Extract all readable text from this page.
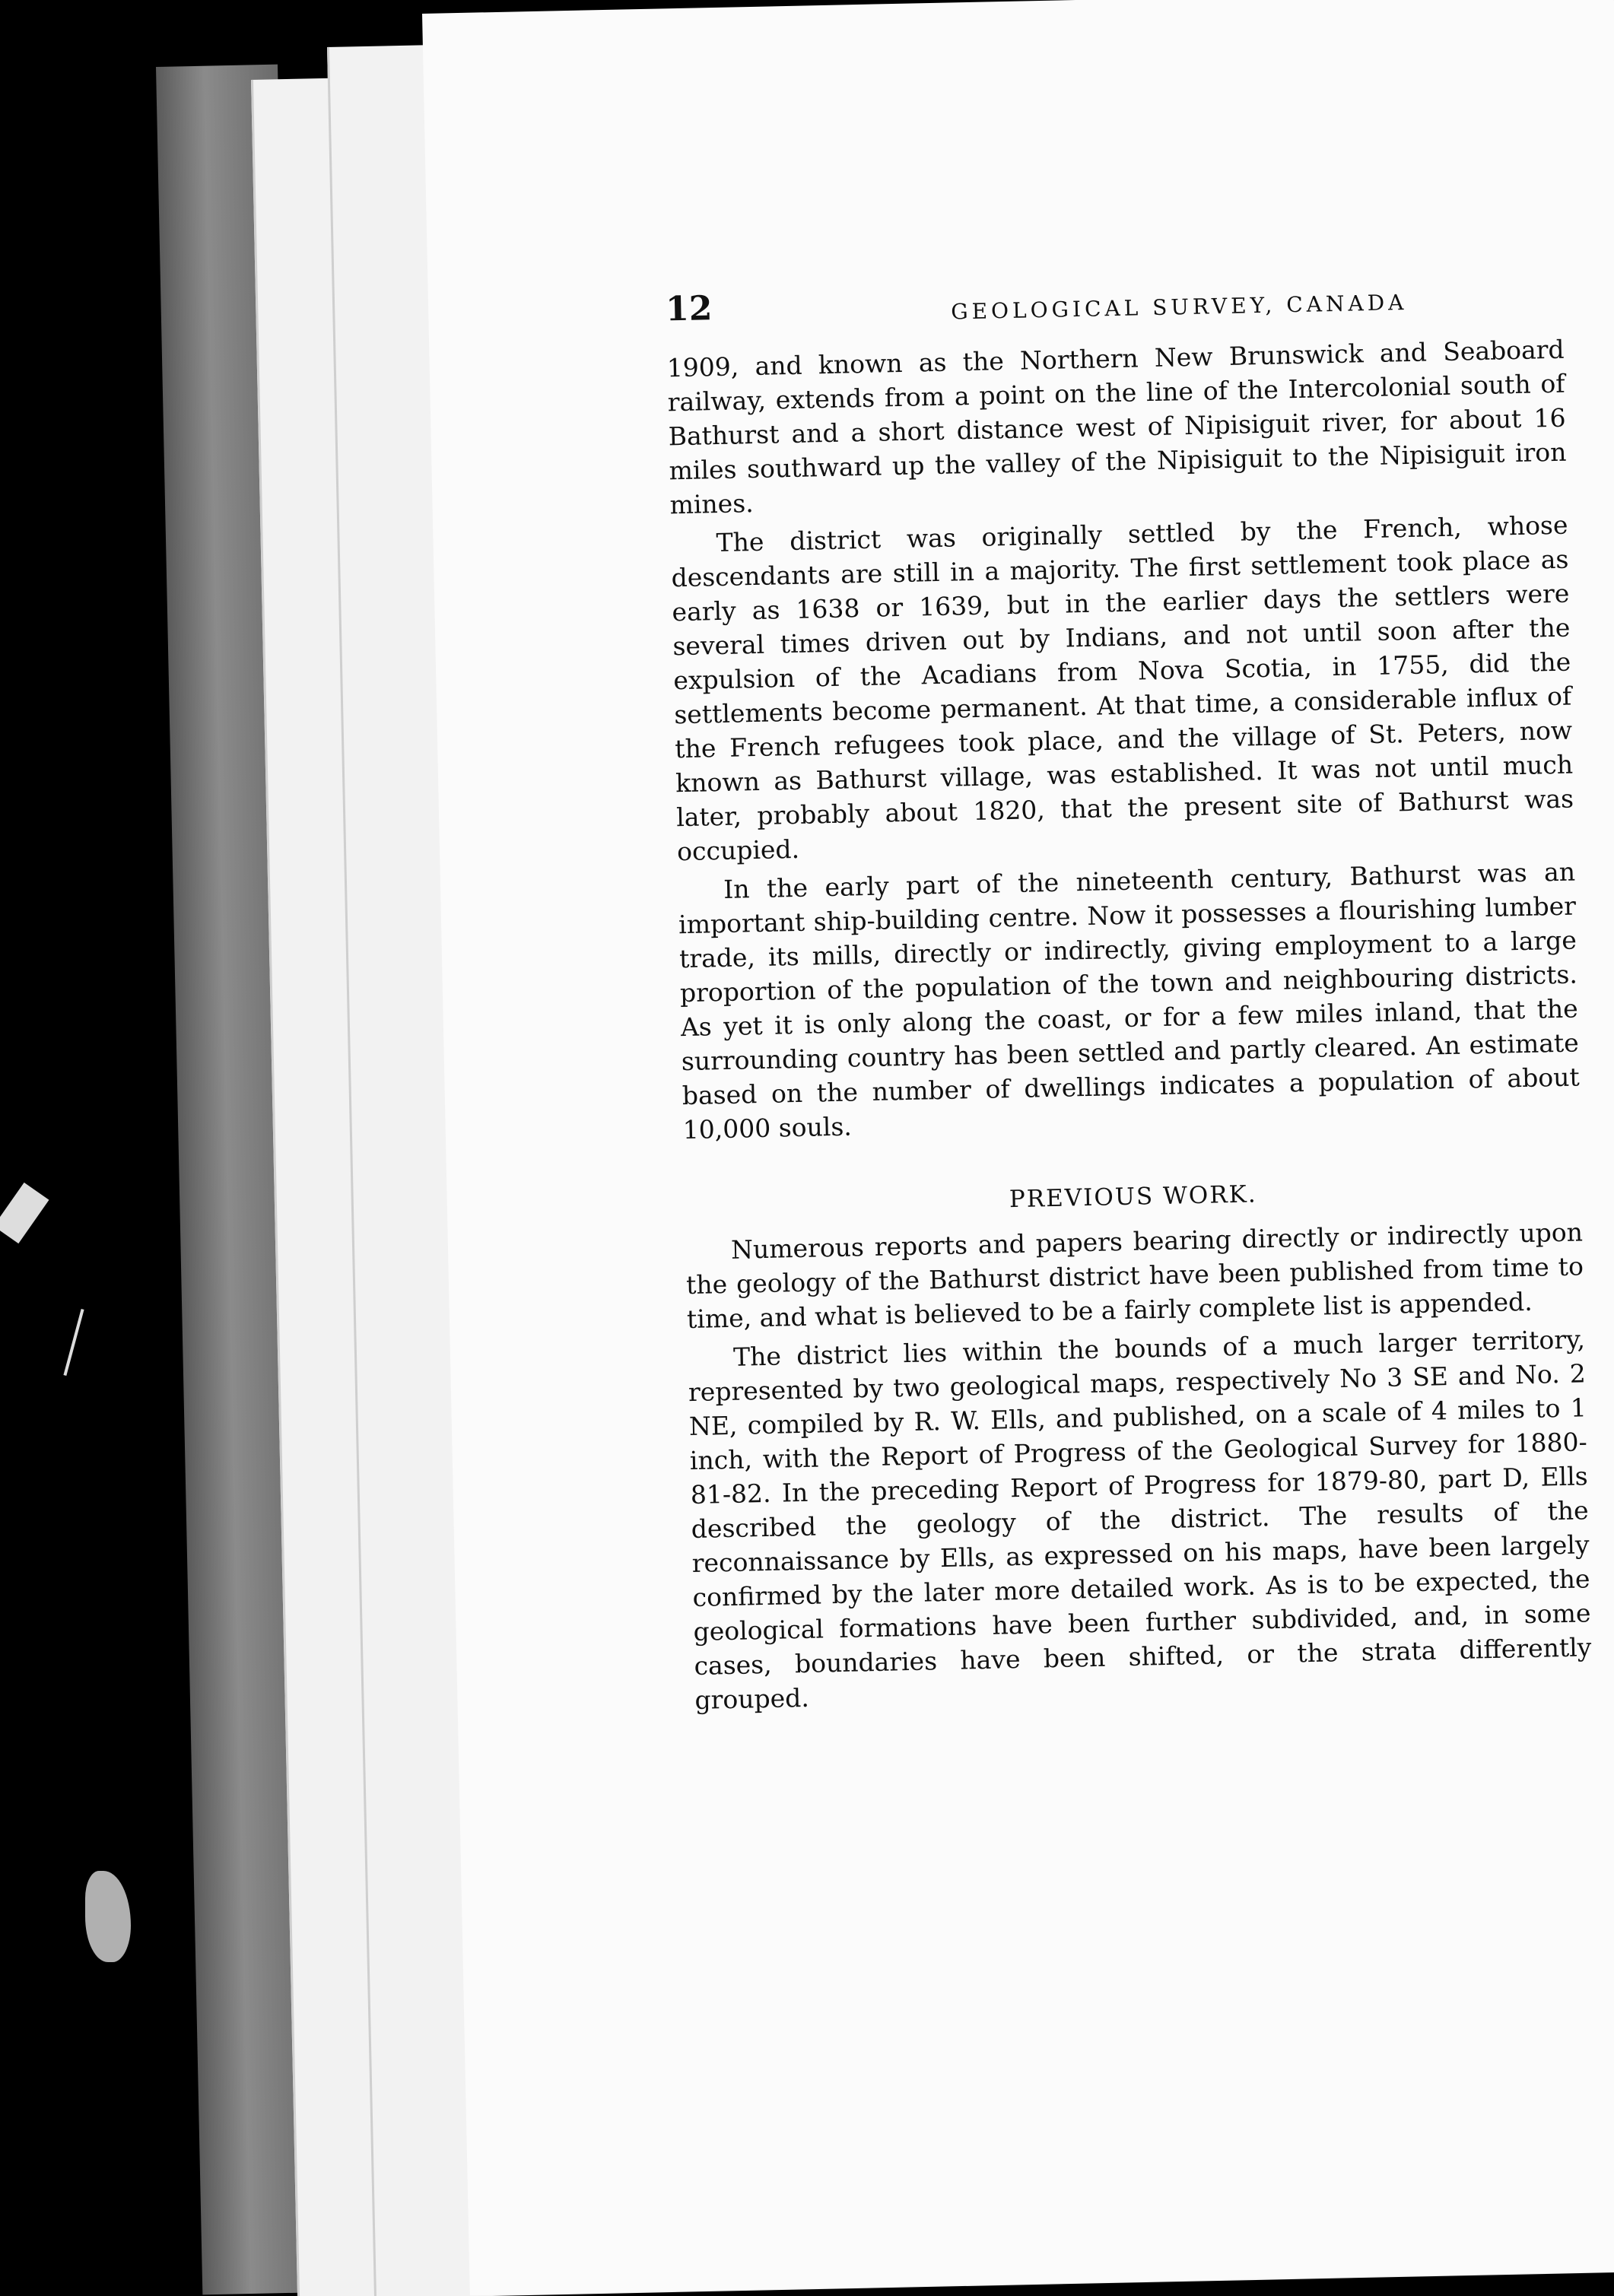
12	GEOLOGICAL SURVEY, CANADA

1909, and known as the Northern New Brunswick and Seaboard railway, extends from a point on the line of the Intercolonial south of Bathurst and a short distance west of Nipisiguit river, for about 16 miles southward up the valley of the Nipisiguit to the Nipisiguit iron mines.

The district was originally settled by the French, whose descendants are still in a majority. The first settlement took place as early as 1638 or 1639, but in the earlier days the settlers were several times driven out by Indians, and not until soon after the expulsion of the Acadians from Nova Scotia, in 1755, did the settlements become permanent. At that time, a considerable influx of the French refugees took place, and the village of St. Peters, now known as Bathurst village, was established. It was not until much later, probably about 1820, that the present site of Bathurst was occupied.

In the early part of the nineteenth century, Bathurst was an important ship-building centre. Now it possesses a flourishing lumber trade, its mills, directly or indirectly, giving employment to a large proportion of the population of the town and neighbouring districts. As yet it is only along the coast, or for a few miles inland, that the surrounding country has been settled and partly cleared. An estimate based on the number of dwellings indicates a population of about 10,000 souls.

PREVIOUS WORK.

Numerous reports and papers bearing directly or indirectly upon the geology of the Bathurst district have been published from time to time, and what is believed to be a fairly complete list is appended.

The district lies within the bounds of a much larger territory, represented by two geological maps, respectively No 3 SE and No. 2 NE, compiled by R. W. Ells, and published, on a scale of 4 miles to 1 inch, with the Report of Progress of the Geological Survey for 1880-81-82. In the preceding Report of Progress for 1879-80, part D, Ells described the geology of the district. The results of the reconnaissance by Ells, as expressed on his maps, have been largely confirmed by the later more detailed work. As is to be expected, the geological formations have been further subdivided, and, in some cases, boundaries have been shifted, or the strata differently grouped.
